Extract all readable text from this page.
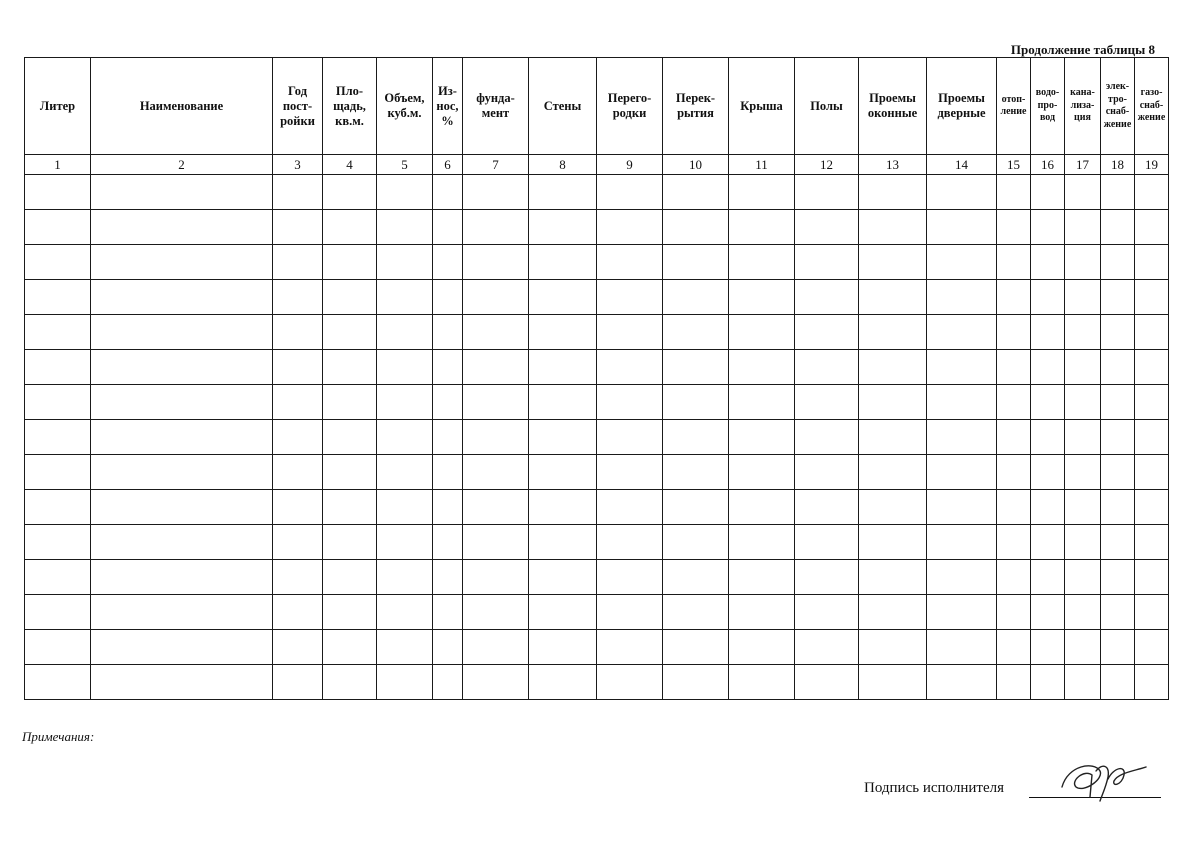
Продолжение таблицы 8
Литер	Наименование	Год
пост-
ройки	Пло-
щадь,
кв.м.	Объем,
куб.м.	Из-
нос,
%	фунда-
мент	Стены	Перего-
родки	Перек-
рытия	Крыша	Полы	Проемы
оконные	Проемы
дверные	отоп-
ление	водо-
про-
вод	кана-
лиза-
ция	элек-
тро-
снаб-
жение	газо-
снаб-
жение
1	2	3	4	5	6	7	8	9	10	11	12	13	14	15	16	17	18	19

Примечания:
Подпись исполнителя
